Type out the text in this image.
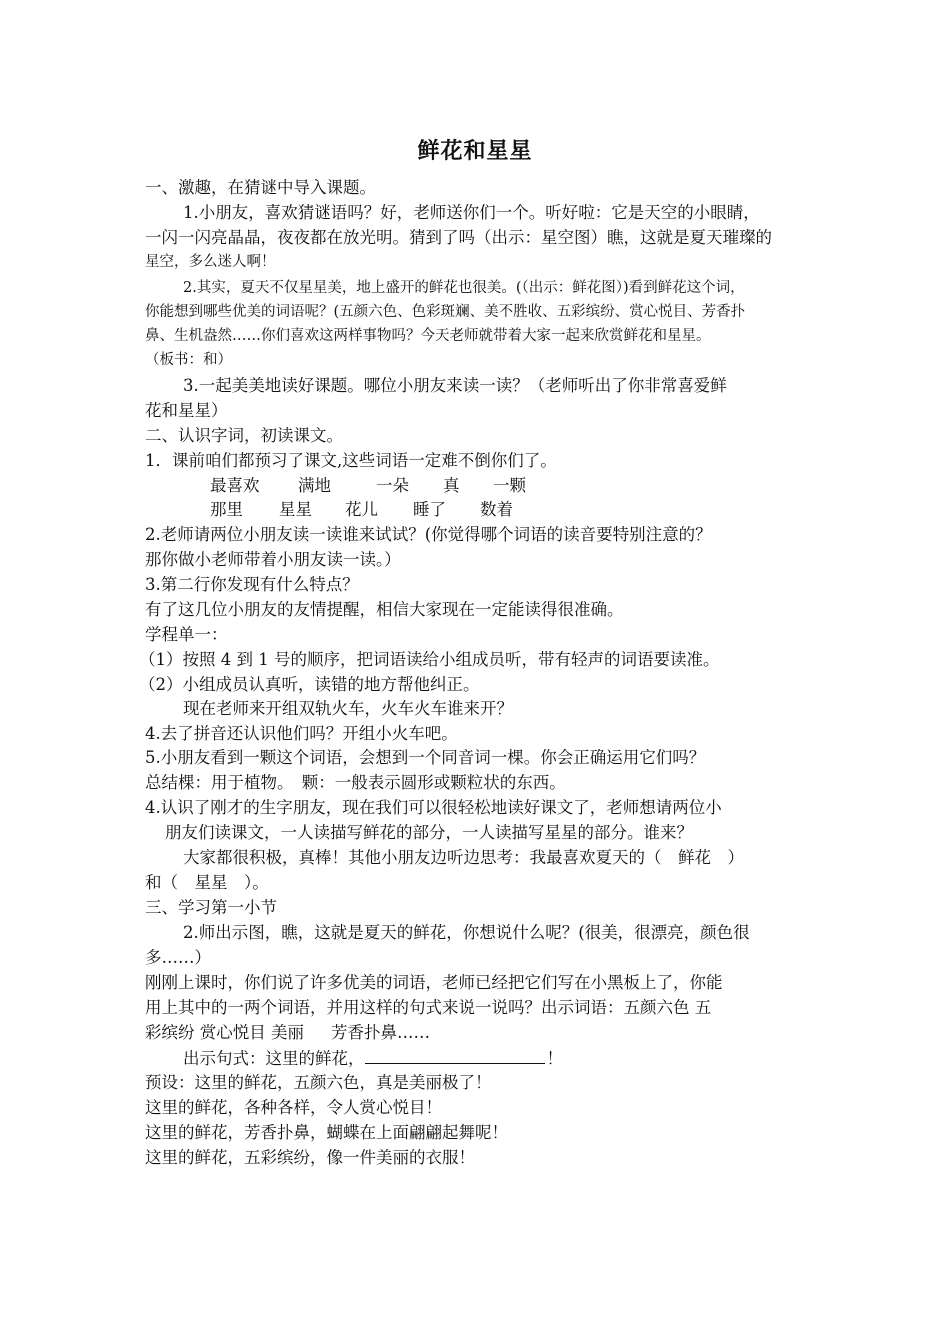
鲜花和星星
一、激趣，在猜谜中导入课题。
1.小朋友，喜欢猜谜语吗？好，老师送你们一个。听好啦：它是天空的小眼睛，
一闪一闪亮晶晶，夜夜都在放光明。猜到了吗（出示：星空图）瞧，这就是夏天璀璨的
星空，多么迷人啊！
2.其实，夏天不仅星星美，地上盛开的鲜花也很美。(（出示：鲜花图）)看到鲜花这个词，
你能想到哪些优美的词语呢？(五颜六色、色彩斑斓、美不胜收、五彩缤纷、赏心悦目、芳香扑
鼻、生机盎然……你们喜欢这两样事物吗？今天老师就带着大家一起来欣赏鲜花和星星。
（板书：和）
3.一起美美地读好课题。哪位小朋友来读一读？（老师听出了你非常喜爱鲜
花和星星）
二、认识字词，初读课文。
1．课前咱们都预习了课文,这些词语一定难不倒你们了。
最喜欢 满地	一朵 真 一颗
那里 星星 花儿 睡了 数着
2.老师请两位小朋友读一读谁来试试？(你觉得哪个词语的读音要特别注意的？
那你做小老师带着小朋友读一读。）
3.第二行你发现有什么特点？
有了这几位小朋友的友情提醒，相信大家现在一定能读得很准确。
学程单一：
（1）按照 4 到 1 号的顺序，把词语读给小组成员听，带有轻声的词语要读准。
（2）小组成员认真听，读错的地方帮他纠正。
现在老师来开组双轨火车，火车火车谁来开？
4.去了拼音还认识他们吗？开组小火车吧。
5.小朋友看到一颗这个词语，会想到一个同音词一棵。你会正确运用它们吗？
总结棵：用于植物。　颗：一般表示圆形或颗粒状的东西。
4.认识了刚才的生字朋友，现在我们可以很轻松地读好课文了，老师想请两位小
朋友们读课文，一人读描写鲜花的部分，一人读描写星星的部分。谁来？
大家都很积极，真棒！其他小朋友边听边思考：我最喜欢夏天的（　鲜花　）
和（　星星　）。
三、学习第一小节
2.师出示图，瞧，这就是夏天的鲜花，你想说什么呢？(很美，很漂亮，颜色很
多……）
刚刚上课时，你们说了许多优美的词语，老师已经把它们写在小黑板上了，你能
用上其中的一两个词语，并用这样的句式来说一说吗？出示词语：五颜六色 五
彩缤纷 赏心悦目 美丽 　 芳香扑鼻……
出示句式：这里的鲜花，	！
预设：这里的鲜花，五颜六色，真是美丽极了！
这里的鲜花，各种各样，令人赏心悦目！
这里的鲜花，芳香扑鼻，蝴蝶在上面翩翩起舞呢！
这里的鲜花，五彩缤纷，像一件美丽的衣服！
